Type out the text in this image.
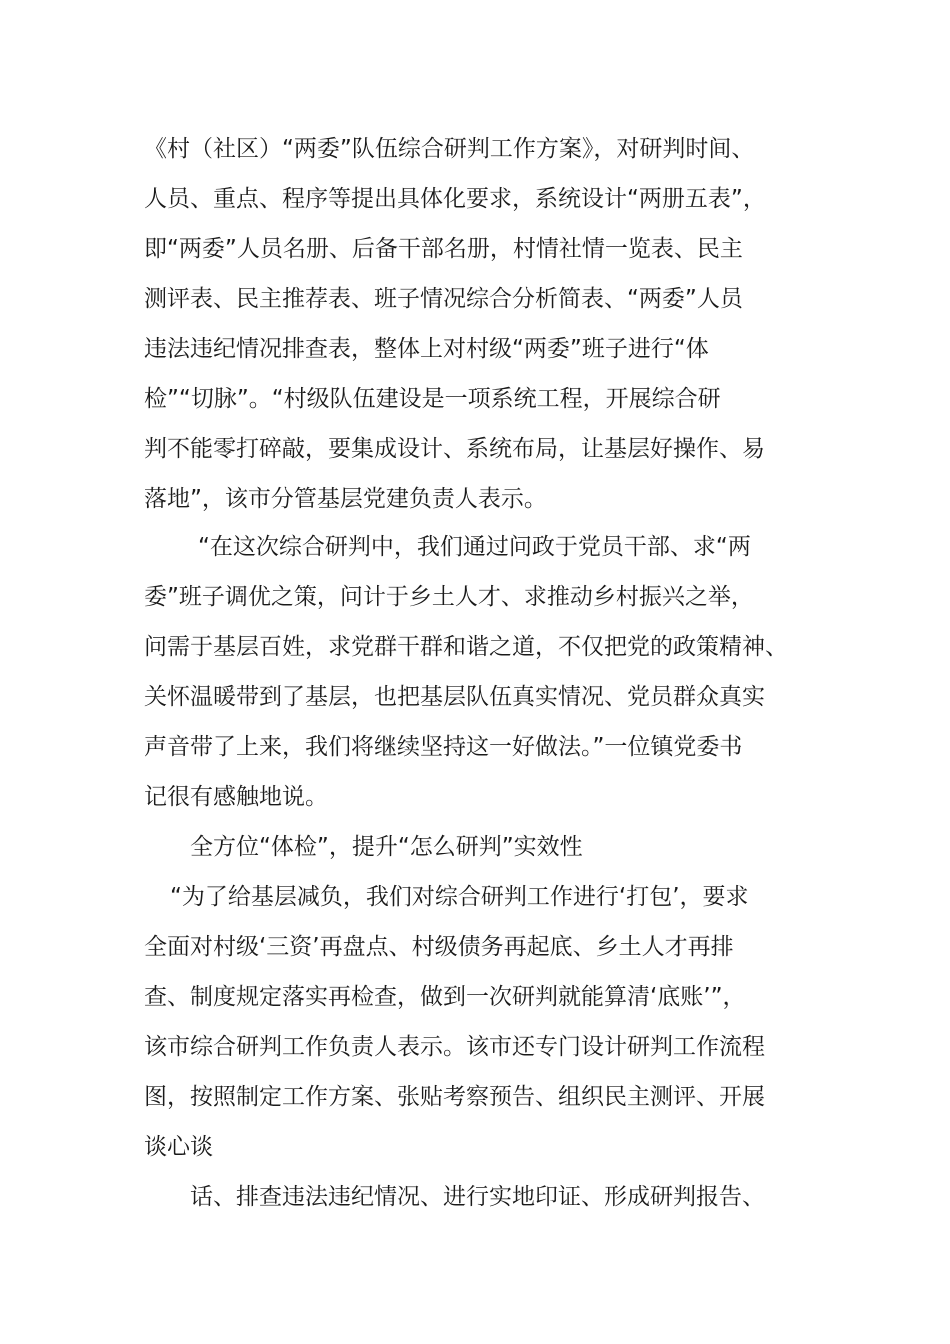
《村（社区）“两委”队伍综合研判工作方案》，对研判时间、
人员、重点、程序等提出具体化要求，系统设计“两册五表”，
即“两委”人员名册、后备干部名册，村情社情一览表、民主
测评表、民主推荐表、班子情况综合分析简表、“两委”人员
违法违纪情况排查表，整体上对村级“两委”班子进行“体
检”“切脉”。“村级队伍建设是一项系统工程，开展综合研
判不能零打碎敲，要集成设计、系统布局，让基层好操作、易
落地”，该市分管基层党建负责人表示。
“在这次综合研判中，我们通过问政于党员干部、求“两
委”班子调优之策，问计于乡土人才、求推动乡村振兴之举，
问需于基层百姓，求党群干群和谐之道，不仅把党的政策精神、
关怀温暖带到了基层，也把基层队伍真实情况、党员群众真实
声音带了上来，我们将继续坚持这一好做法。”一位镇党委书
记很有感触地说。
全方位“体检”，提升“怎么研判”实效性
“为了给基层减负，我们对综合研判工作进行‘打包’，要求
全面对村级‘三资’再盘点、村级债务再起底、乡土人才再排
查、制度规定落实再检查，做到一次研判就能算清‘底账’”，
该市综合研判工作负责人表示。该市还专门设计研判工作流程
图，按照制定工作方案、张贴考察预告、组织民主测评、开展
谈心谈
话、排查违法违纪情况、进行实地印证、形成研判报告、
